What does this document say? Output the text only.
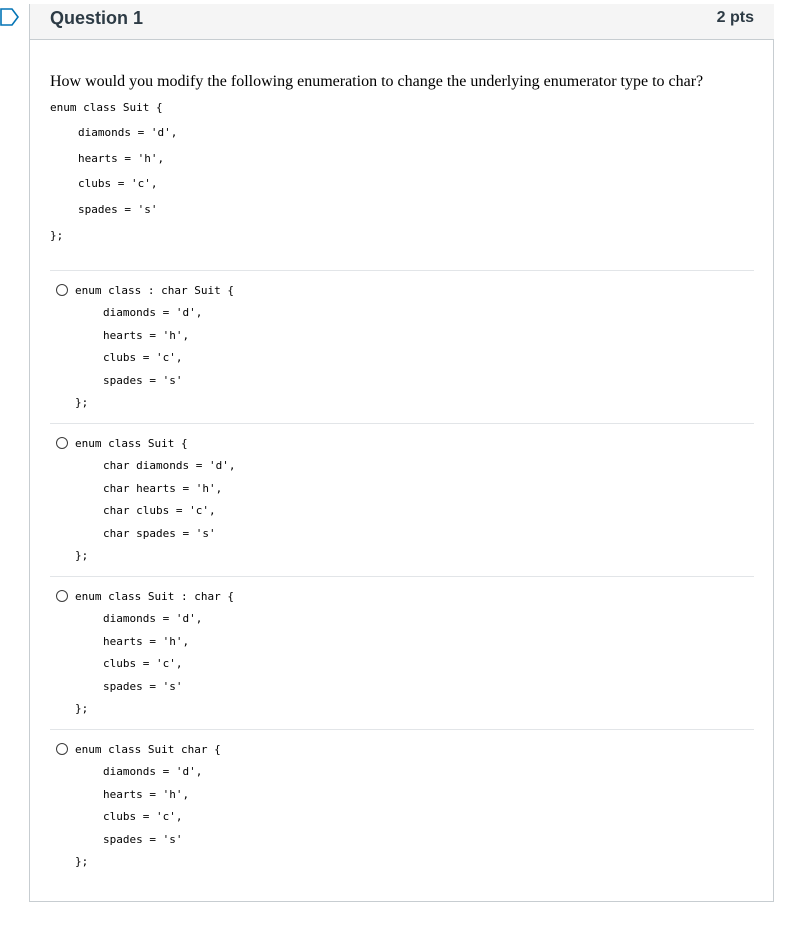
Question 1	2 pts
How would you modify the following enumeration to change the underlying enumerator type to char?
enum class Suit {
diamonds = 'd',
hearts = 'h',
clubs = 'c',
spades = 's'
};
enum class : char Suit {
diamonds = 'd',
hearts = 'h',
clubs = 'c',
spades = 's'
};
enum class Suit {
char diamonds = 'd',
char hearts = 'h',
char clubs = 'c',
char spades = 's'
};
enum class Suit : char {
diamonds = 'd',
hearts = 'h',
clubs = 'c',
spades = 's'
};
enum class Suit char {
diamonds = 'd',
hearts = 'h',
clubs = 'c',
spades = 's'
};
